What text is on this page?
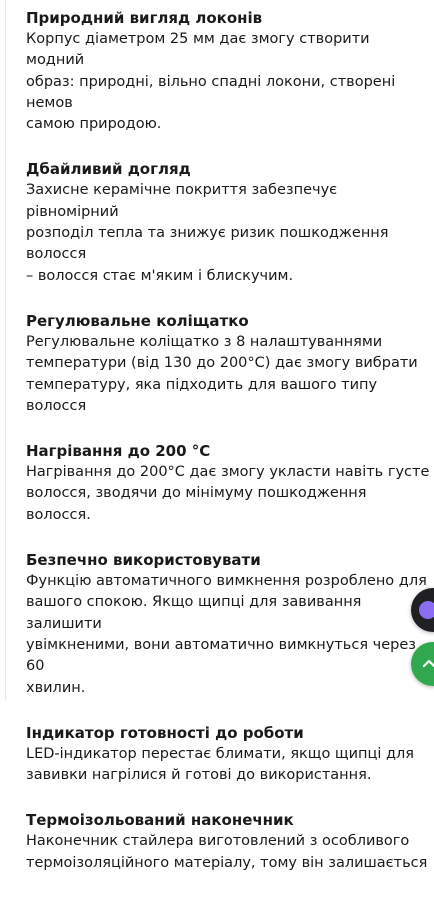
Природний вигляд локонів

Корпус діаметром 25 мм дає змогу створити модний
образ: природні, вільно спадні локони, створені немов
самою природою.

Дбайливий догляд

Захисне керамічне покриття забезпечує рівномірний
розподіл тепла та знижує ризик пошкодження волосся
– волосся стає м'яким і блискучим.

Регулювальне коліщатко

Регулювальне коліщатко з 8 налаштуваннями
температури (від 130 до 200°C) дає змогу вибрати
температуру, яка підходить для вашого типу волосся

Нагрівання до 200 °C

Нагрівання до 200°C дає змогу укласти навіть густе
волосся, зводячи до мінімуму пошкодження волосся.

Безпечно використовувати

Функцію автоматичного вимкнення розроблено для
вашого спокою. Якщо щипці для завивання залишити
увімкненими, вони автоматично вимкнуться через 60
хвилин.

Індикатор готовності до роботи

LED-індикатор перестає блимати, якщо щипці для
завивки нагрілися й готові до використання.

Термоізольований наконечник

Наконечник стайлера виготовлений з особливого
термоізоляційного матеріалу, тому він залишається
